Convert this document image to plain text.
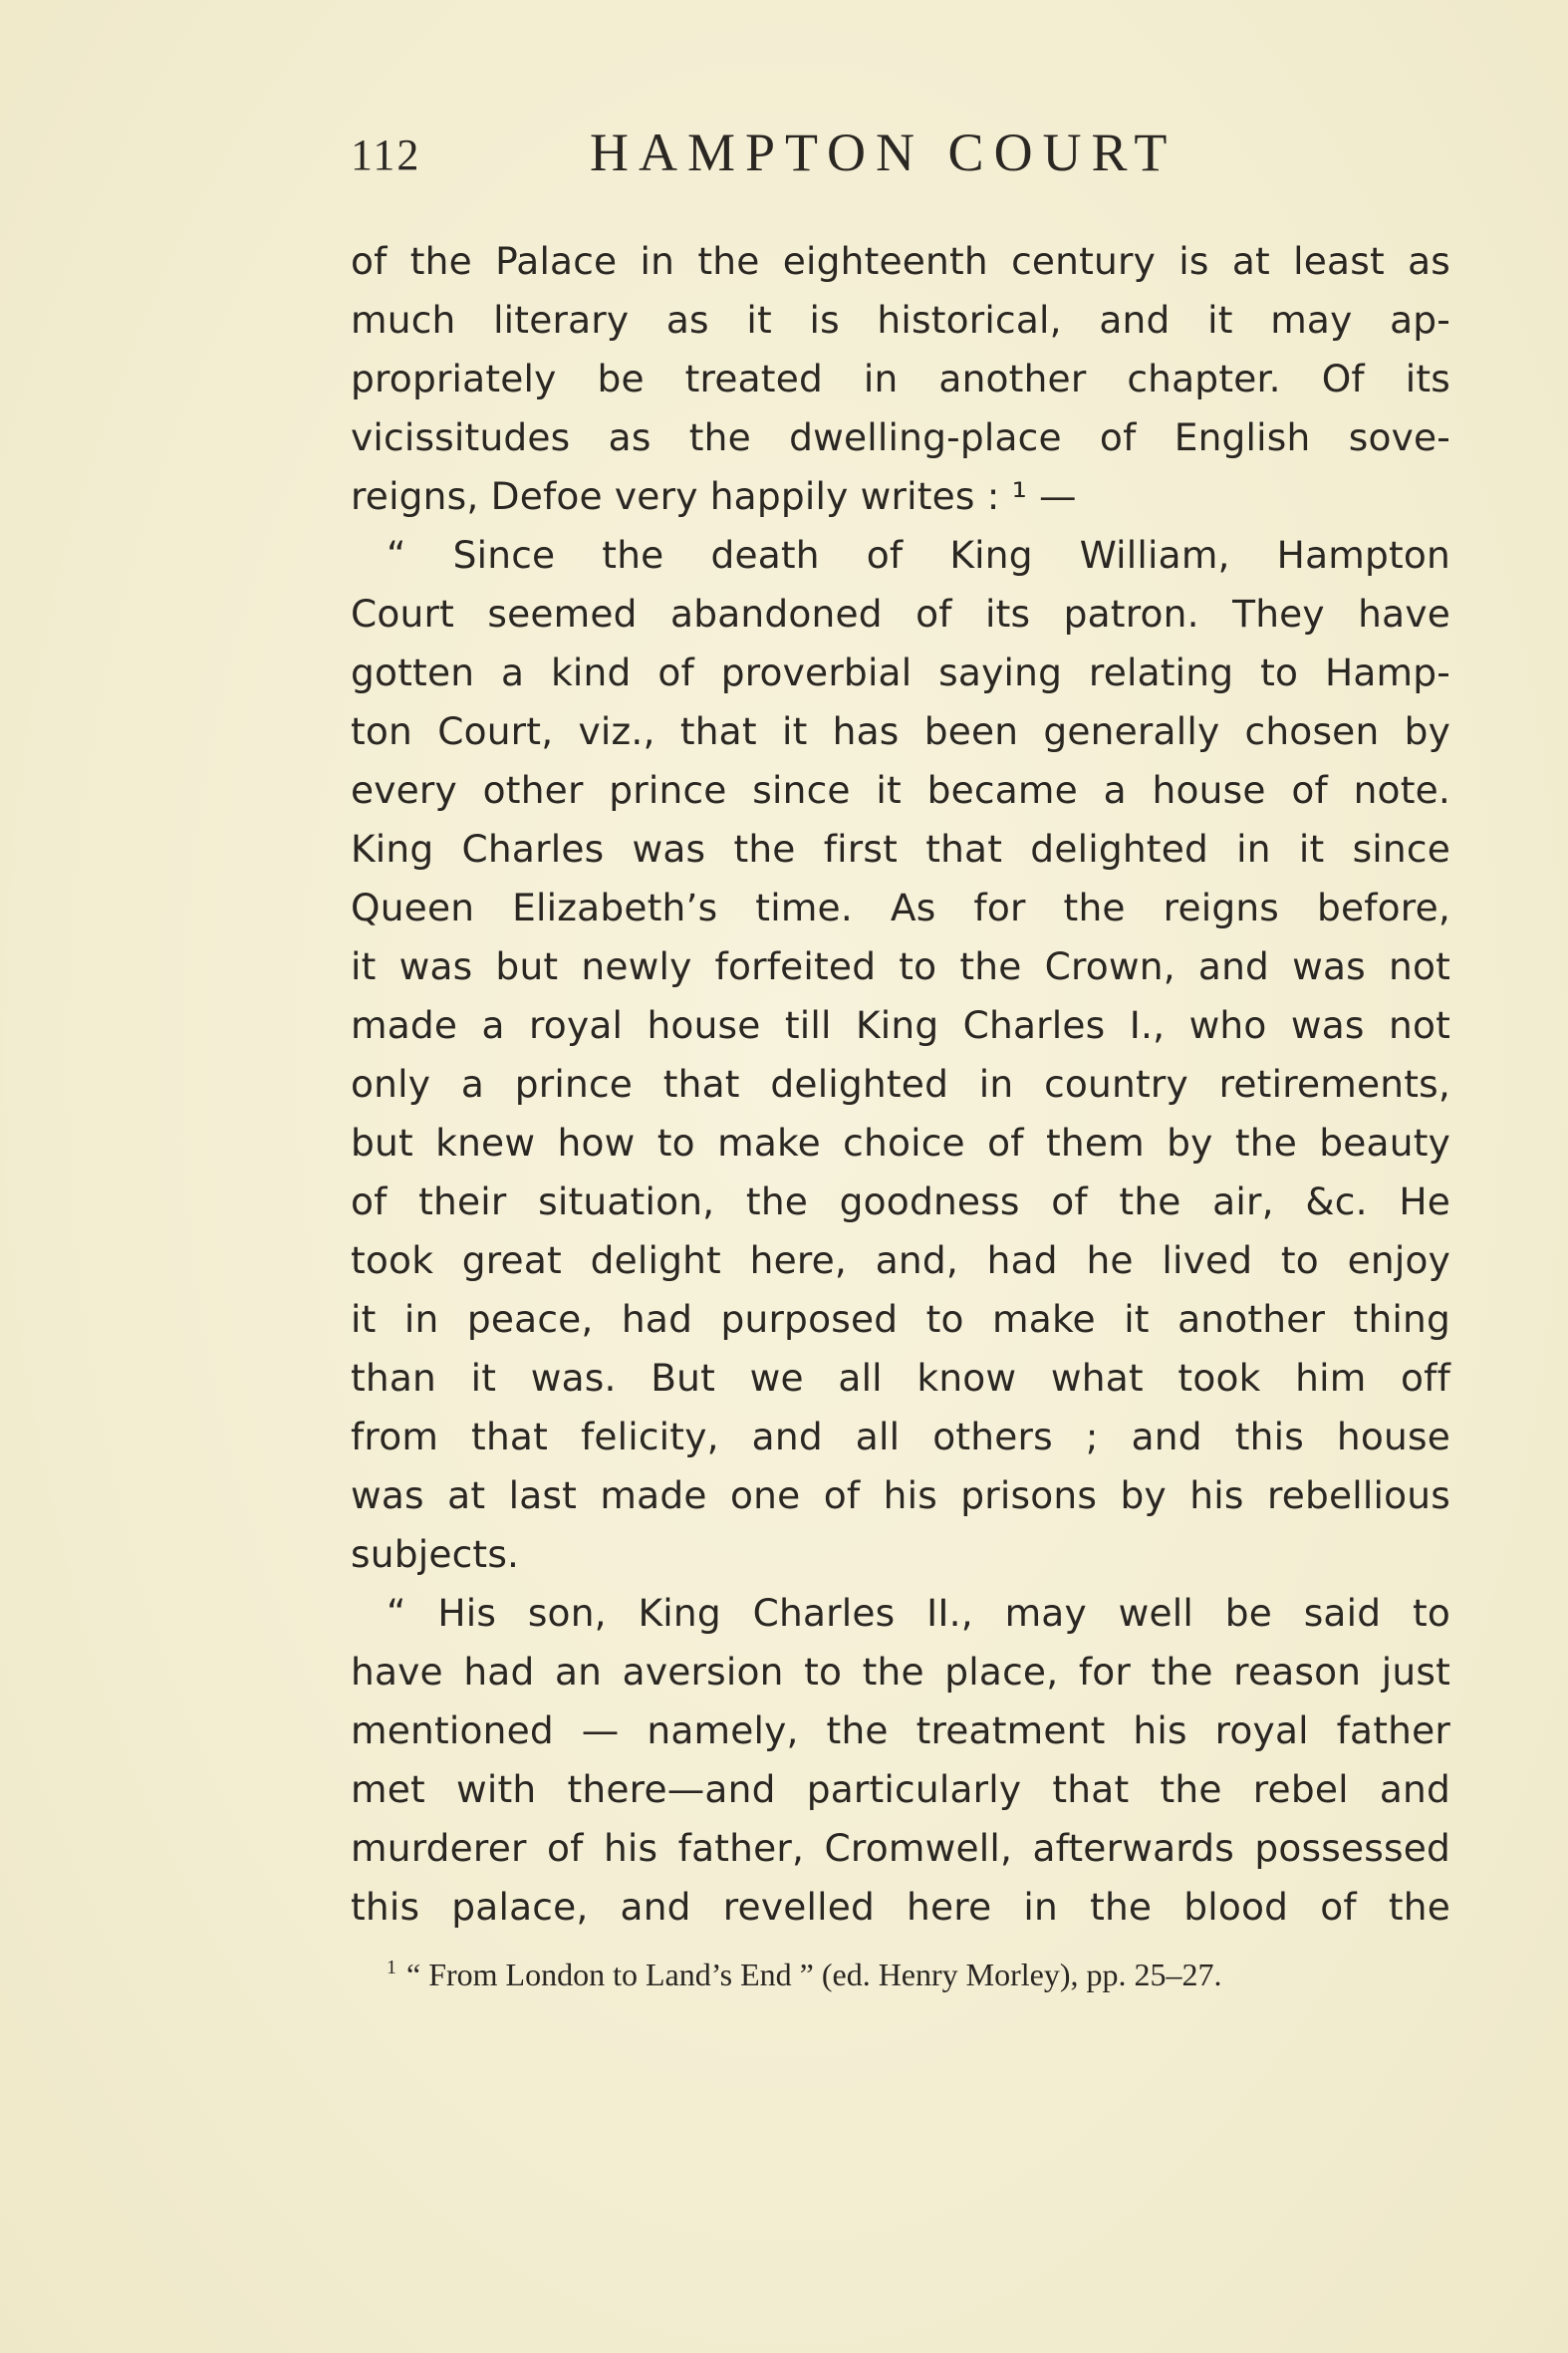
112	HAMPTON COURT
of the Palace in the eighteenth century is at least as
much literary as it is historical, and it may ap-
propriately be treated in another chapter. Of its
vicissitudes as the dwelling-place of English sove-
reigns, Defoe very happily writes : ¹ —
“ Since the death of King William, Hampton
Court seemed abandoned of its patron. They have
gotten a kind of proverbial saying relating to Hamp-
ton Court, viz., that it has been generally chosen by
every other prince since it became a house of note.
King Charles was the first that delighted in it since
Queen Elizabeth’s time. As for the reigns before,
it was but newly forfeited to the Crown, and was not
made a royal house till King Charles I., who was not
only a prince that delighted in country retirements,
but knew how to make choice of them by the beauty
of their situation, the goodness of the air, &c. He
took great delight here, and, had he lived to enjoy
it in peace, had purposed to make it another thing
than it was. But we all know what took him off
from that felicity, and all others ; and this house
was at last made one of his prisons by his rebellious
subjects.
“ His son, King Charles II., may well be said to
have had an aversion to the place, for the reason just
mentioned — namely, the treatment his royal father
met with there—and particularly that the rebel and
murderer of his father, Cromwell, afterwards possessed
this palace, and revelled here in the blood of the
$^1$ “ From London to Land’s End ” (ed. Henry Morley), pp. 25–27.
